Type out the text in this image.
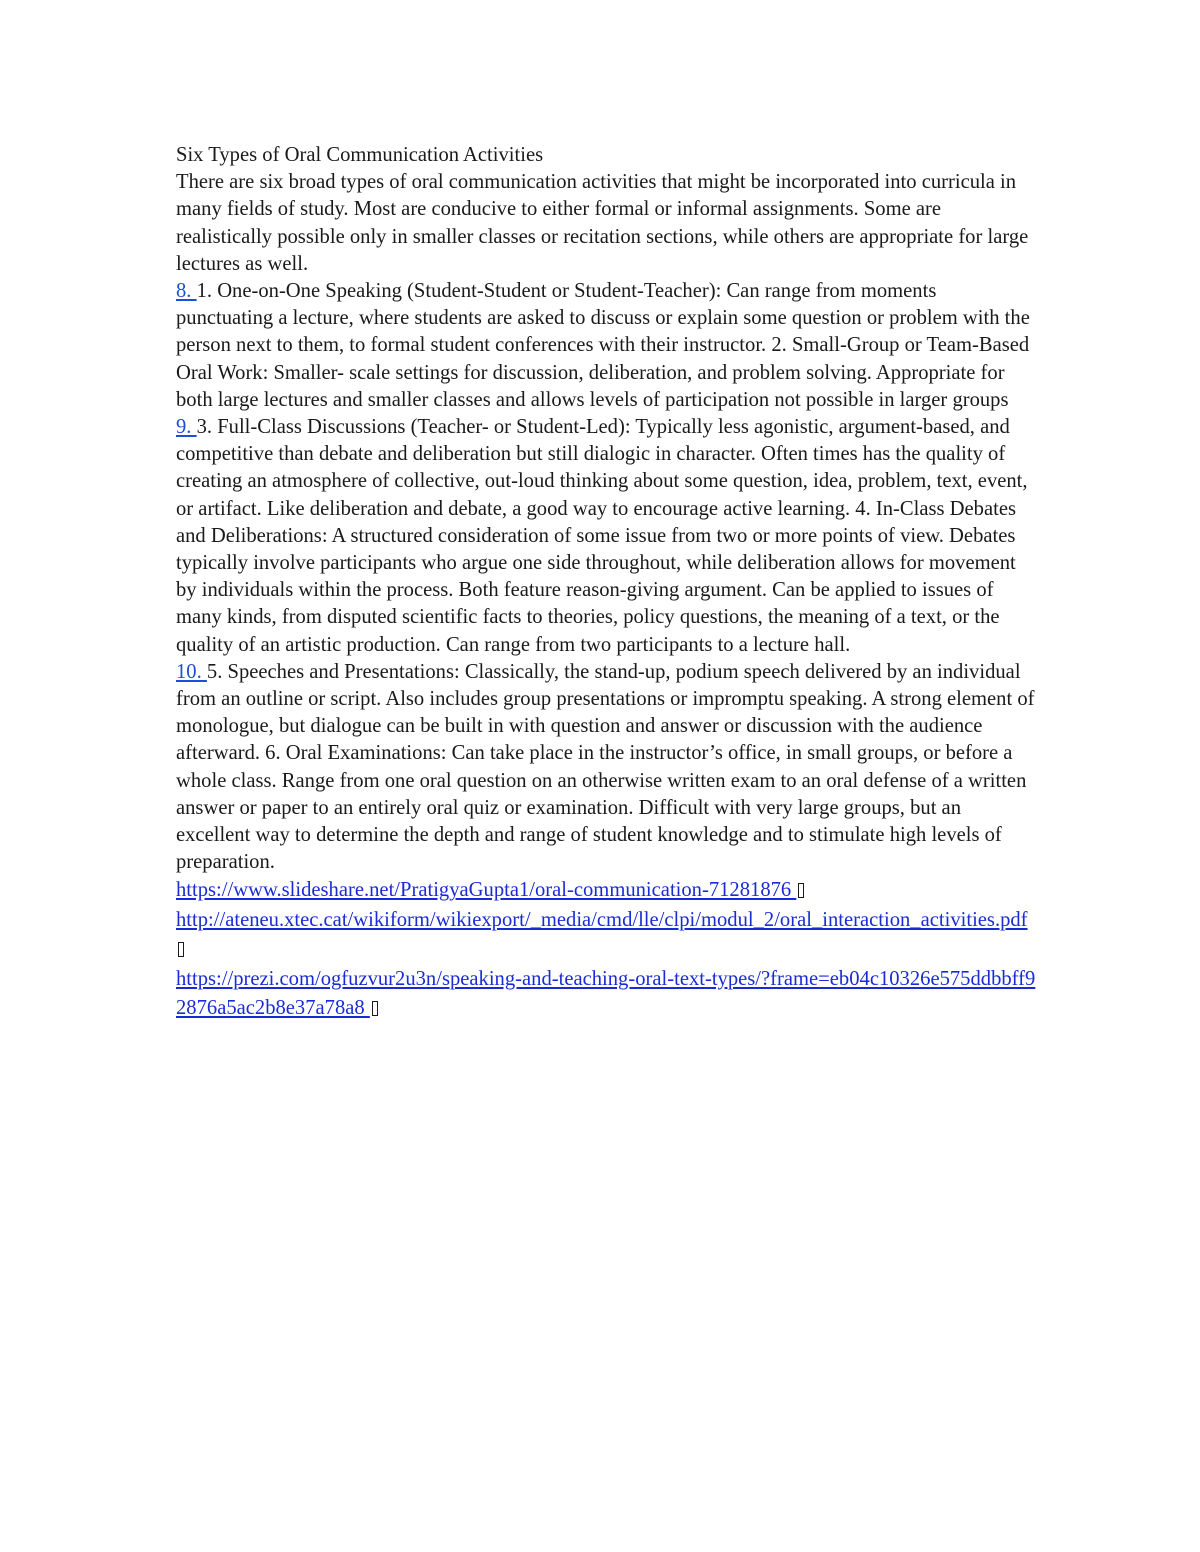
Six Types of Oral Communication Activities

There are six broad types of oral communication activities that might be incorporated into curricula in many fields of study. Most are conducive to either formal or informal assignments. Some are realistically possible only in smaller classes or recitation sections, while others are appropriate for large lectures as well.

8. 1. One-on-One Speaking (Student-Student or Student-Teacher): Can range from moments punctuating a lecture, where students are asked to discuss or explain some question or problem with the person next to them, to formal student conferences with their instructor. 2. Small-Group or Team-Based Oral Work: Smaller- scale settings for discussion, deliberation, and problem solving. Appropriate for both large lectures and smaller classes and allows levels of participation not possible in larger groups

9. 3. Full-Class Discussions (Teacher- or Student-Led): Typically less agonistic, argument-based, and competitive than debate and deliberation but still dialogic in character. Often times has the quality of creating an atmosphere of collective, out-loud thinking about some question, idea, problem, text, event, or artifact. Like deliberation and debate, a good way to encourage active learning. 4. In-Class Debates and Deliberations: A structured consideration of some issue from two or more points of view. Debates typically involve participants who argue one side throughout, while deliberation allows for movement by individuals within the process. Both feature reason-giving argument. Can be applied to issues of many kinds, from disputed scientific facts to theories, policy questions, the meaning of a text, or the quality of an artistic production. Can range from two participants to a lecture hall.

10. 5. Speeches and Presentations: Classically, the stand-up, podium speech delivered by an individual from an outline or script. Also includes group presentations or impromptu speaking. A strong element of monologue, but dialogue can be built in with question and answer or discussion with the audience afterward. 6. Oral Examinations: Can take place in the instructor’s office, in small groups, or before a whole class. Range from one oral question on an otherwise written exam to an oral defense of a written answer or paper to an entirely oral quiz or examination. Difficult with very large groups, but an excellent way to determine the depth and range of student knowledge and to stimulate high levels of preparation.

https://www.slideshare.net/PratigyaGupta1/oral-communication-71281876

http://ateneu.xtec.cat/wikiform/wikiexport/_media/cmd/lle/clpi/modul_2/oral_interaction_activities.pdf

https://prezi.com/ogfuzvur2u3n/speaking-and-teaching-oral-text-types/?frame=eb04c10326e575ddbbff92876a5ac2b8e37a78a8
